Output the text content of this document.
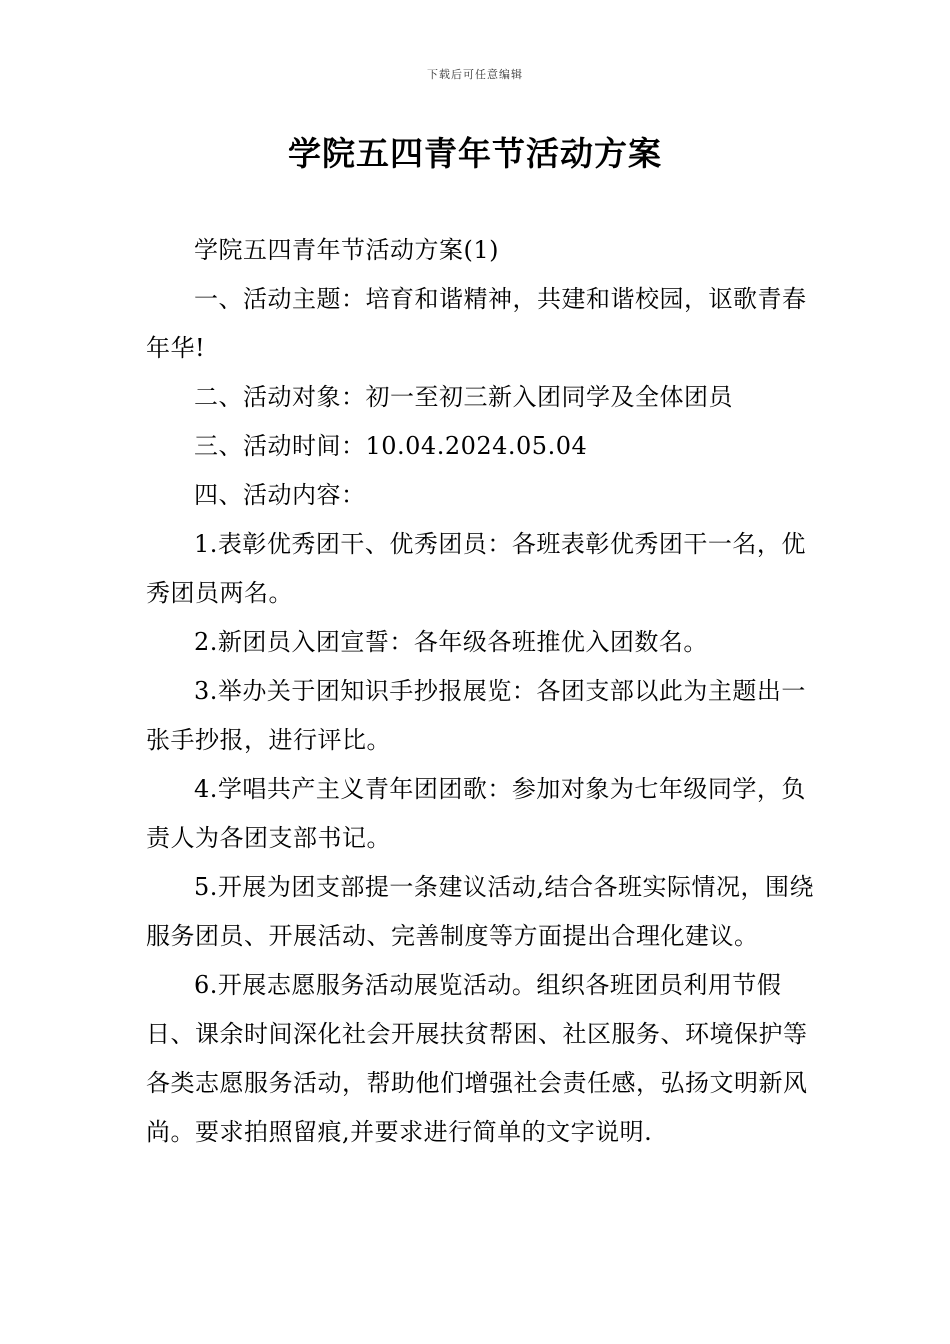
下载后可任意编辑
学院五四青年节活动方案

学院五四青年节活动方案(1)

一、活动主题：培育和谐精神，共建和谐校园，讴歌青春年华!

二、活动对象：初一至初三新入团同学及全体团员

三、活动时间：10.04.2024.05.04

四、活动内容：

1.表彰优秀团干、优秀团员：各班表彰优秀团干一名，优秀团员两名。

2.新团员入团宣誓：各年级各班推优入团数名。

3.举办关于团知识手抄报展览：各团支部以此为主题出一张手抄报，进行评比。

4.学唱共产主义青年团团歌：参加对象为七年级同学，负责人为各团支部书记。

5.开展为团支部提一条建议活动,结合各班实际情况，围绕服务团员、开展活动、完善制度等方面提出合理化建议。

6.开展志愿服务活动展览活动。组织各班团员利用节假日、课余时间深化社会开展扶贫帮困、社区服务、环境保护等各类志愿服务活动，帮助他们增强社会责任感，弘扬文明新风尚。要求拍照留痕,并要求进行简单的文字说明.
